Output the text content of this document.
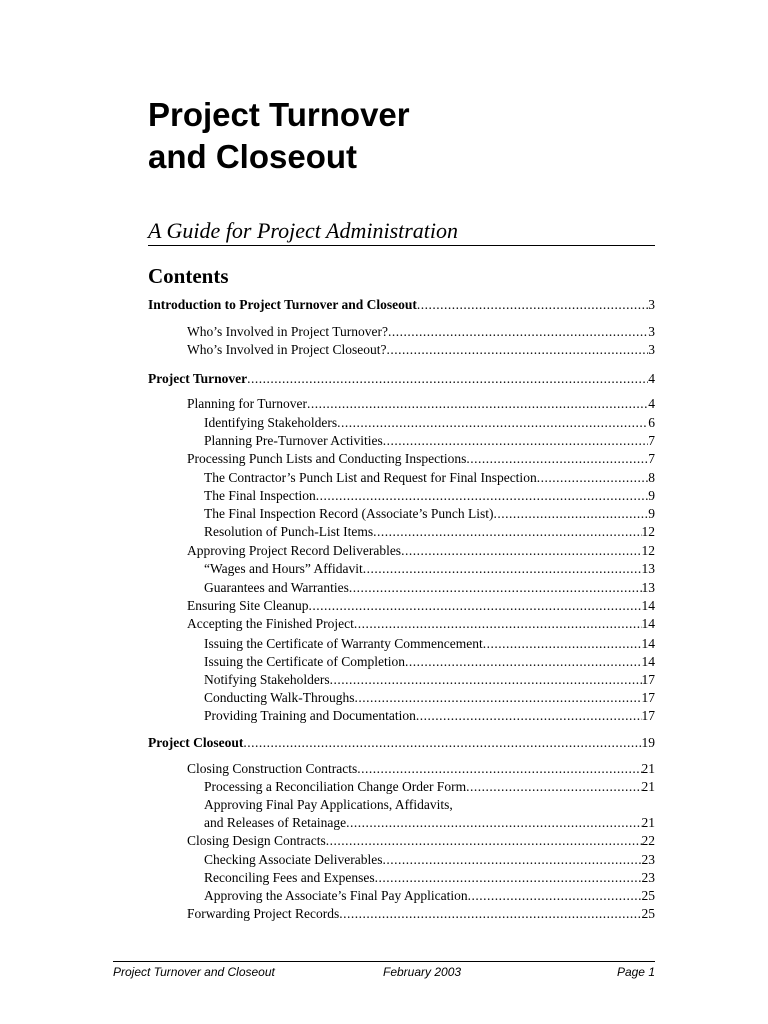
Project Turnover
and Closeout
A Guide for Project Administration
Contents
Introduction to Project Turnover and Closeout .....	3
Who’s Involved in Project Turnover? .....	3
Who’s Involved in Project Closeout? .....	3
Project Turnover .....	4
Planning for Turnover .....	4
Identifying Stakeholders .....	6
Planning Pre-Turnover Activities .....	7
Processing Punch Lists and Conducting Inspections .....	7
The Contractor’s Punch List and Request for Final Inspection .....	8
The Final Inspection .....	9
The Final Inspection Record (Associate’s Punch List) .....	9
Resolution of Punch-List Items .....	12
Approving Project Record Deliverables .....	12
“Wages and Hours” Affidavit .....	13
Guarantees and Warranties .....	13
Ensuring Site Cleanup .....	14
Accepting the Finished Project .....	14
Issuing the Certificate of Warranty Commencement .....	14
Issuing the Certificate of Completion .....	14
Notifying Stakeholders .....	17
Conducting Walk-Throughs .....	17
Providing Training and Documentation .....	17
Project Closeout .....	19
Closing Construction Contracts .....	21
Processing a Reconciliation Change Order Form .....	21
Approving Final Pay Applications, Affidavits,
and Releases of Retainage .....	21
Closing Design Contracts .....	22
Checking Associate Deliverables .....	23
Reconciling Fees and Expenses .....	23
Approving the Associate’s Final Pay Application .....	25
Forwarding Project Records .....	25
Project Turnover and Closeout	February 2003	Page 1
